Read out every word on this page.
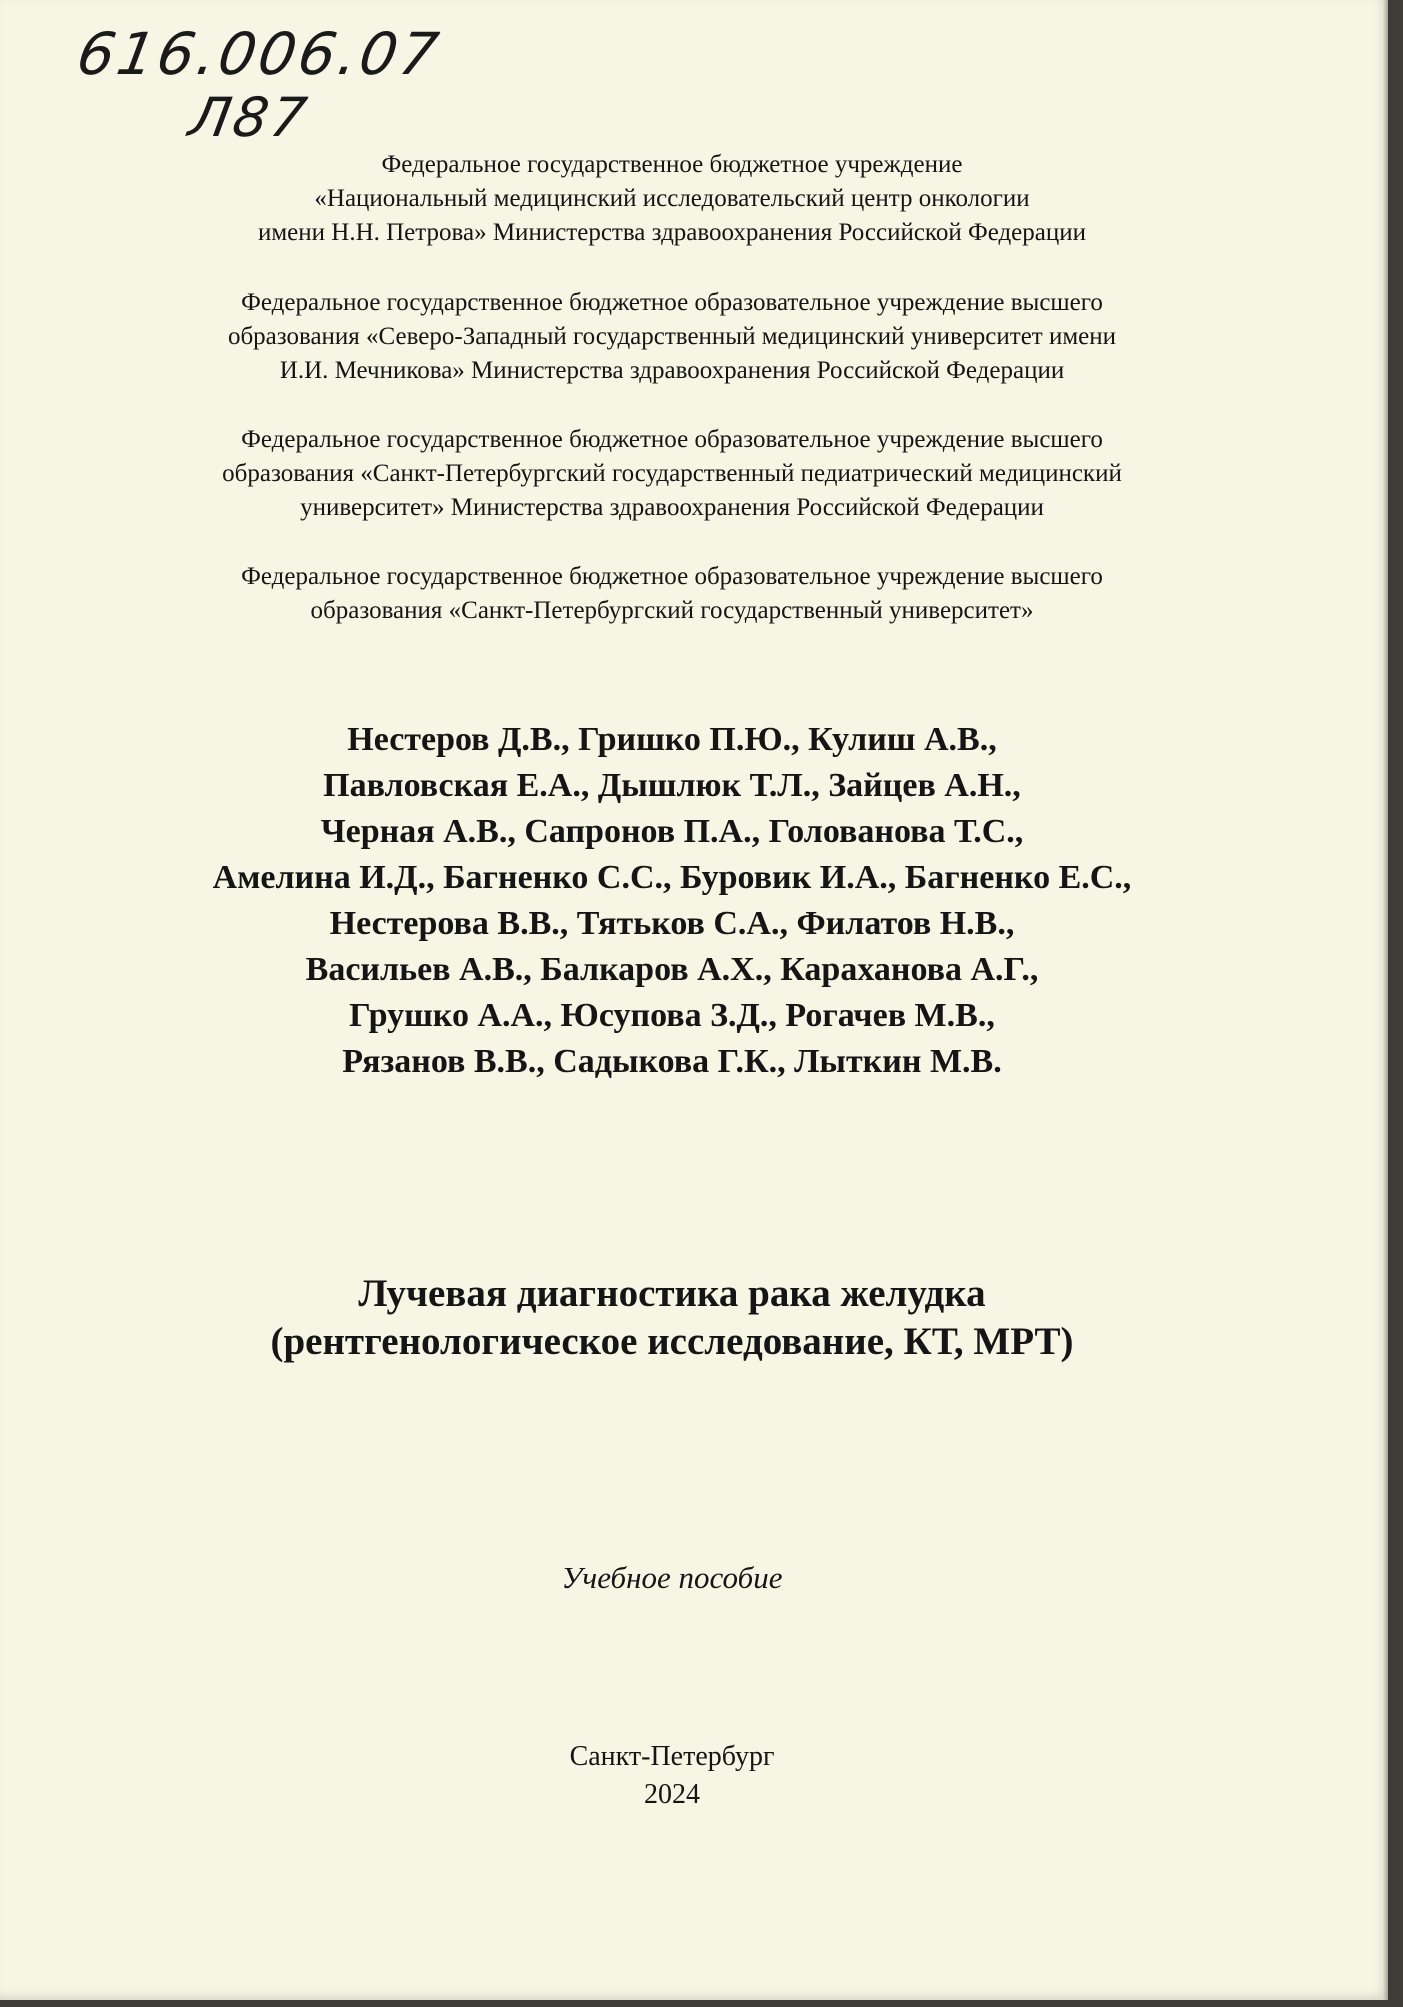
616.006.07
Л87
Федеральное государственное бюджетное учреждение
«Национальный медицинский исследовательский центр онкологии
имени Н.Н. Петрова» Министерства здравоохранения Российской Федерации
Федеральное государственное бюджетное образовательное учреждение высшего
образования «Северо-Западный государственный медицинский университет имени
И.И. Мечникова» Министерства здравоохранения Российской Федерации
Федеральное государственное бюджетное образовательное учреждение высшего
образования «Санкт-Петербургский государственный педиатрический медицинский
университет» Министерства здравоохранения Российской Федерации
Федеральное государственное бюджетное образовательное учреждение высшего
образования «Санкт-Петербургский государственный университет»
Нестеров Д.В., Гришко П.Ю., Кулиш А.В.,
Павловская Е.А., Дышлюк Т.Л., Зайцев А.Н.,
Черная А.В., Сапронов П.А., Голованова Т.С.,
Амелина И.Д., Багненко С.С., Буровик И.А., Багненко Е.С.,
Нестерова В.В., Тятьков С.А., Филатов Н.В.,
Васильев А.В., Балкаров А.Х., Караханова А.Г.,
Грушко А.А., Юсупова З.Д., Рогачев М.В.,
Рязанов В.В., Садыкова Г.К., Лыткин М.В.
Лучевая диагностика рака желудка
(рентгенологическое исследование, КТ, МРТ)
Учебное пособие
Санкт-Петербург
2024
